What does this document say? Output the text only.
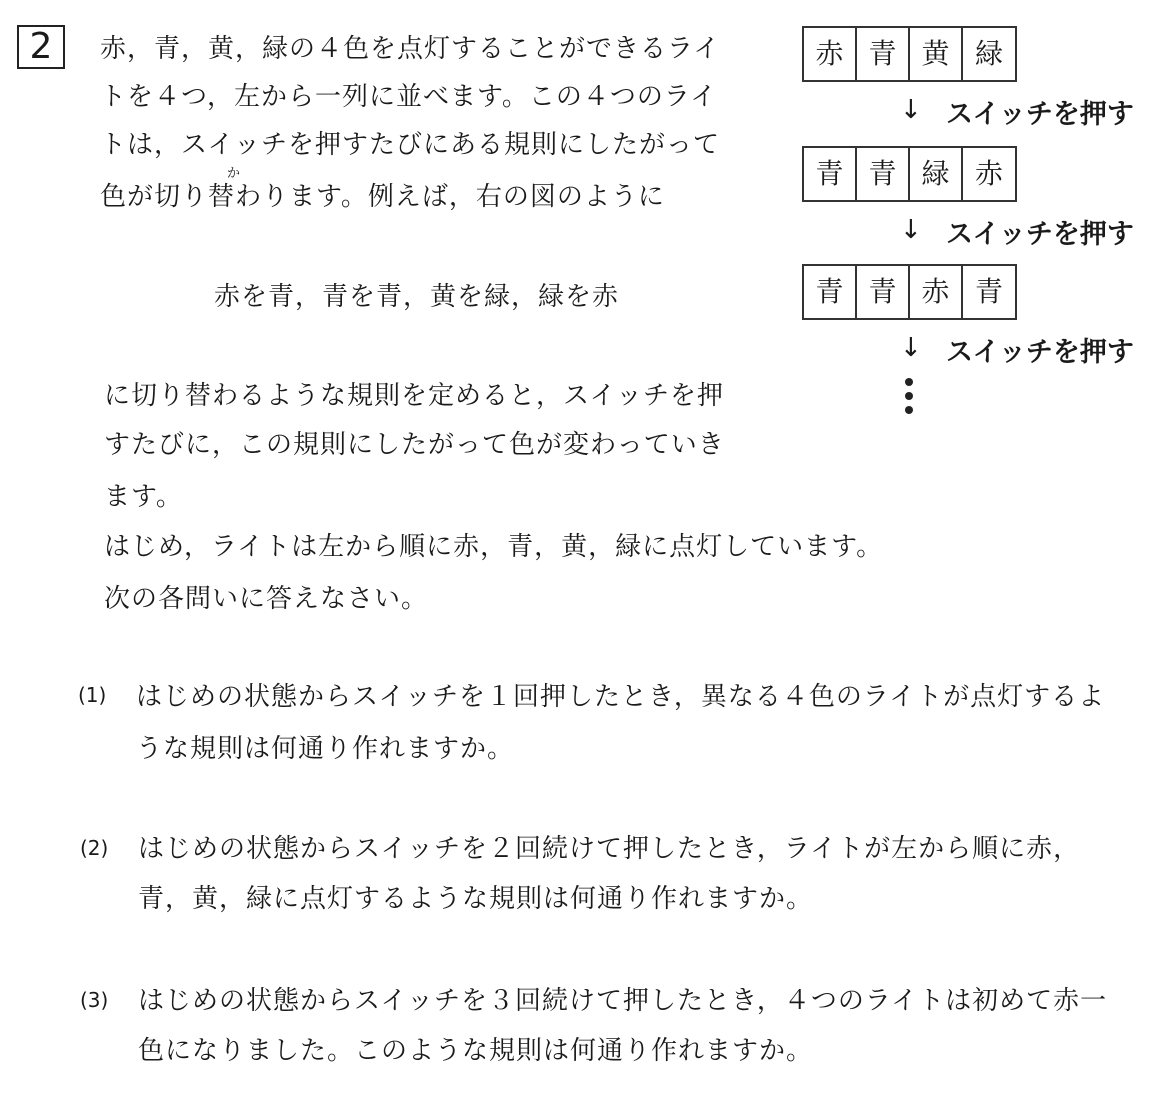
2	赤，青，黄，緑の４色を点灯することができるライ
トを４つ，左から一列に並べます。この４つのライ
トは，スイッチを押すたびにある規則にしたがって
か
色が切り替わります。例えば，右の図のように
赤を青，青を青，黄を緑，緑を赤
に切り替わるような規則を定めると，スイッチを押
すたびに，この規則にしたがって色が変わっていき
ます。
はじめ，ライトは左から順に赤，青，黄，緑に点灯しています。
次の各問いに答えなさい。
赤 青 黄 緑
↓ スイッチを押す
青 青 緑 赤
↓ スイッチを押す
青 青 赤 青
↓ スイッチを押す
(1) はじめの状態からスイッチを１回押したとき，異なる４色のライトが点灯するよ
うな規則は何通り作れますか。
(2) はじめの状態からスイッチを２回続けて押したとき，ライトが左から順に赤，
青，黄，緑に点灯するような規則は何通り作れますか。
(3) はじめの状態からスイッチを３回続けて押したとき，４つのライトは初めて赤一
色になりました。このような規則は何通り作れますか。
